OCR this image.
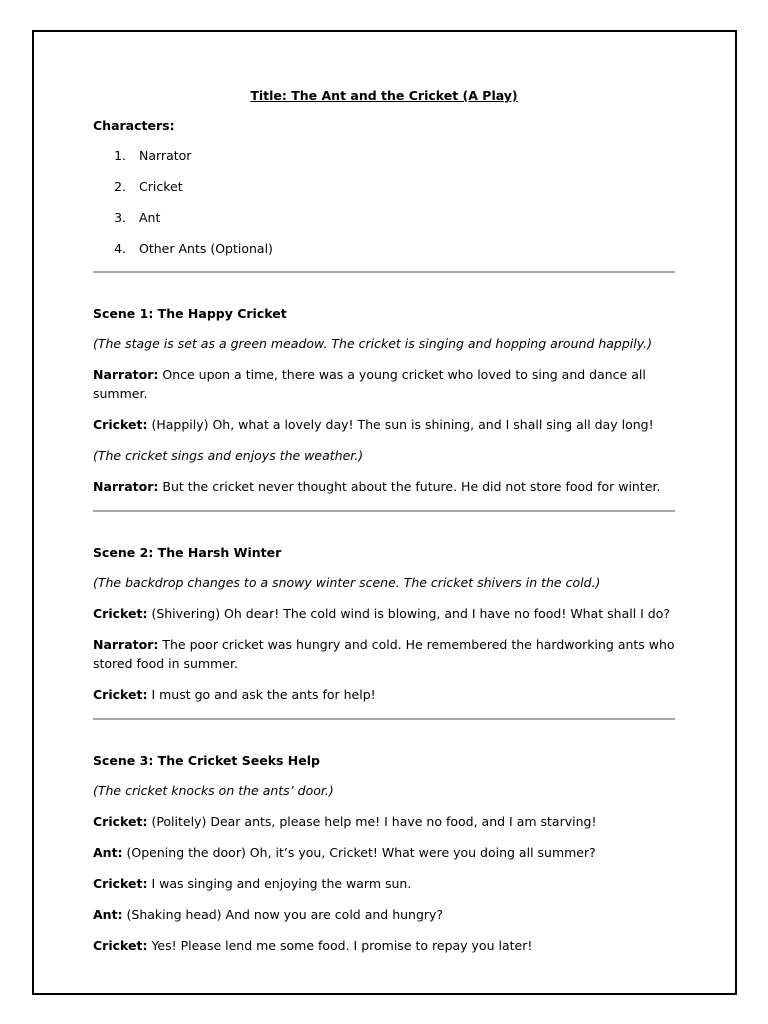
Title: The Ant and the Cricket (A Play)
Characters:
1.	Narrator
2.	Cricket
3.	Ant
4.	Other Ants (Optional)
Scene 1: The Happy Cricket
(The stage is set as a green meadow. The cricket is singing and hopping around happily.)
Narrator: Once upon a time, there was a young cricket who loved to sing and dance all summer.
Cricket: (Happily) Oh, what a lovely day! The sun is shining, and I shall sing all day long!
(The cricket sings and enjoys the weather.)
Narrator: But the cricket never thought about the future. He did not store food for winter.
Scene 2: The Harsh Winter
(The backdrop changes to a snowy winter scene. The cricket shivers in the cold.)
Cricket: (Shivering) Oh dear! The cold wind is blowing, and I have no food! What shall I do?
Narrator: The poor cricket was hungry and cold. He remembered the hardworking ants who stored food in summer.
Cricket: I must go and ask the ants for help!
Scene 3: The Cricket Seeks Help
(The cricket knocks on the ants’ door.)
Cricket: (Politely) Dear ants, please help me! I have no food, and I am starving!
Ant: (Opening the door) Oh, it’s you, Cricket! What were you doing all summer?
Cricket: I was singing and enjoying the warm sun.
Ant: (Shaking head) And now you are cold and hungry?
Cricket: Yes! Please lend me some food. I promise to repay you later!
